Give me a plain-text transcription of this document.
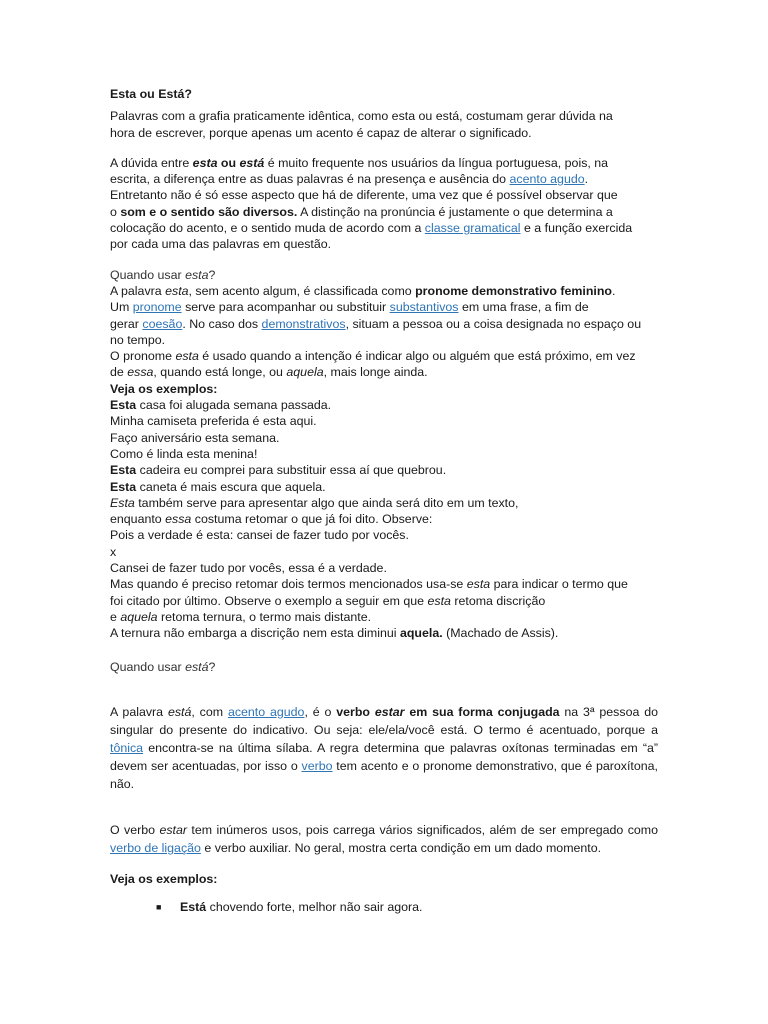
Esta ou Está?

Palavras com a grafia praticamente idêntica, como esta ou está, costumam gerar dúvida na
hora de escrever, porque apenas um acento é capaz de alterar o significado.

A dúvida entre esta ou está é muito frequente nos usuários da língua portuguesa, pois, na
escrita, a diferença entre as duas palavras é na presença e ausência do acento agudo.
Entretanto não é só esse aspecto que há de diferente, uma vez que é possível observar que
o som e o sentido são diversos. A distinção na pronúncia é justamente o que determina a
colocação do acento, e o sentido muda de acordo com a classe gramatical e a função exercida
por cada uma das palavras em questão.

Quando usar esta?

A palavra esta, sem acento algum, é classificada como pronome demonstrativo feminino.
Um pronome serve para acompanhar ou substituir substantivos em uma frase, a fim de
gerar coesão. No caso dos demonstrativos, situam a pessoa ou a coisa designada no espaço ou
no tempo.
O pronome esta é usado quando a intenção é indicar algo ou alguém que está próximo, em vez
de essa, quando está longe, ou aquela, mais longe ainda.
Veja os exemplos:
Esta casa foi alugada semana passada.
Minha camiseta preferida é esta aqui.
Faço aniversário esta semana.
Como é linda esta menina!
Esta cadeira eu comprei para substituir essa aí que quebrou.
Esta caneta é mais escura que aquela.
Esta também serve para apresentar algo que ainda será dito em um texto,
enquanto essa costuma retomar o que já foi dito. Observe:
Pois a verdade é esta: cansei de fazer tudo por vocês.
x
Cansei de fazer tudo por vocês, essa é a verdade.
Mas quando é preciso retomar dois termos mencionados usa-se esta para indicar o termo que
foi citado por último. Observe o exemplo a seguir em que esta retoma discrição
e aquela retoma ternura, o termo mais distante.
A ternura não embarga a discrição nem esta diminui aquela. (Machado de Assis).

Quando usar está?

A palavra está, com acento agudo, é o verbo estar em sua forma conjugada na 3ª pessoa do singular do presente do indicativo. Ou seja: ele/ela/você está. O termo é acentuado, porque a tônica encontra-se na última sílaba. A regra determina que palavras oxítonas terminadas em “a” devem ser acentuadas, por isso o verbo tem acento e o pronome demonstrativo, que é paroxítona, não.

O verbo estar tem inúmeros usos, pois carrega vários significados, além de ser empregado como verbo de ligação e verbo auxiliar. No geral, mostra certa condição em um dado momento.

Veja os exemplos:

■	Está chovendo forte, melhor não sair agora.
